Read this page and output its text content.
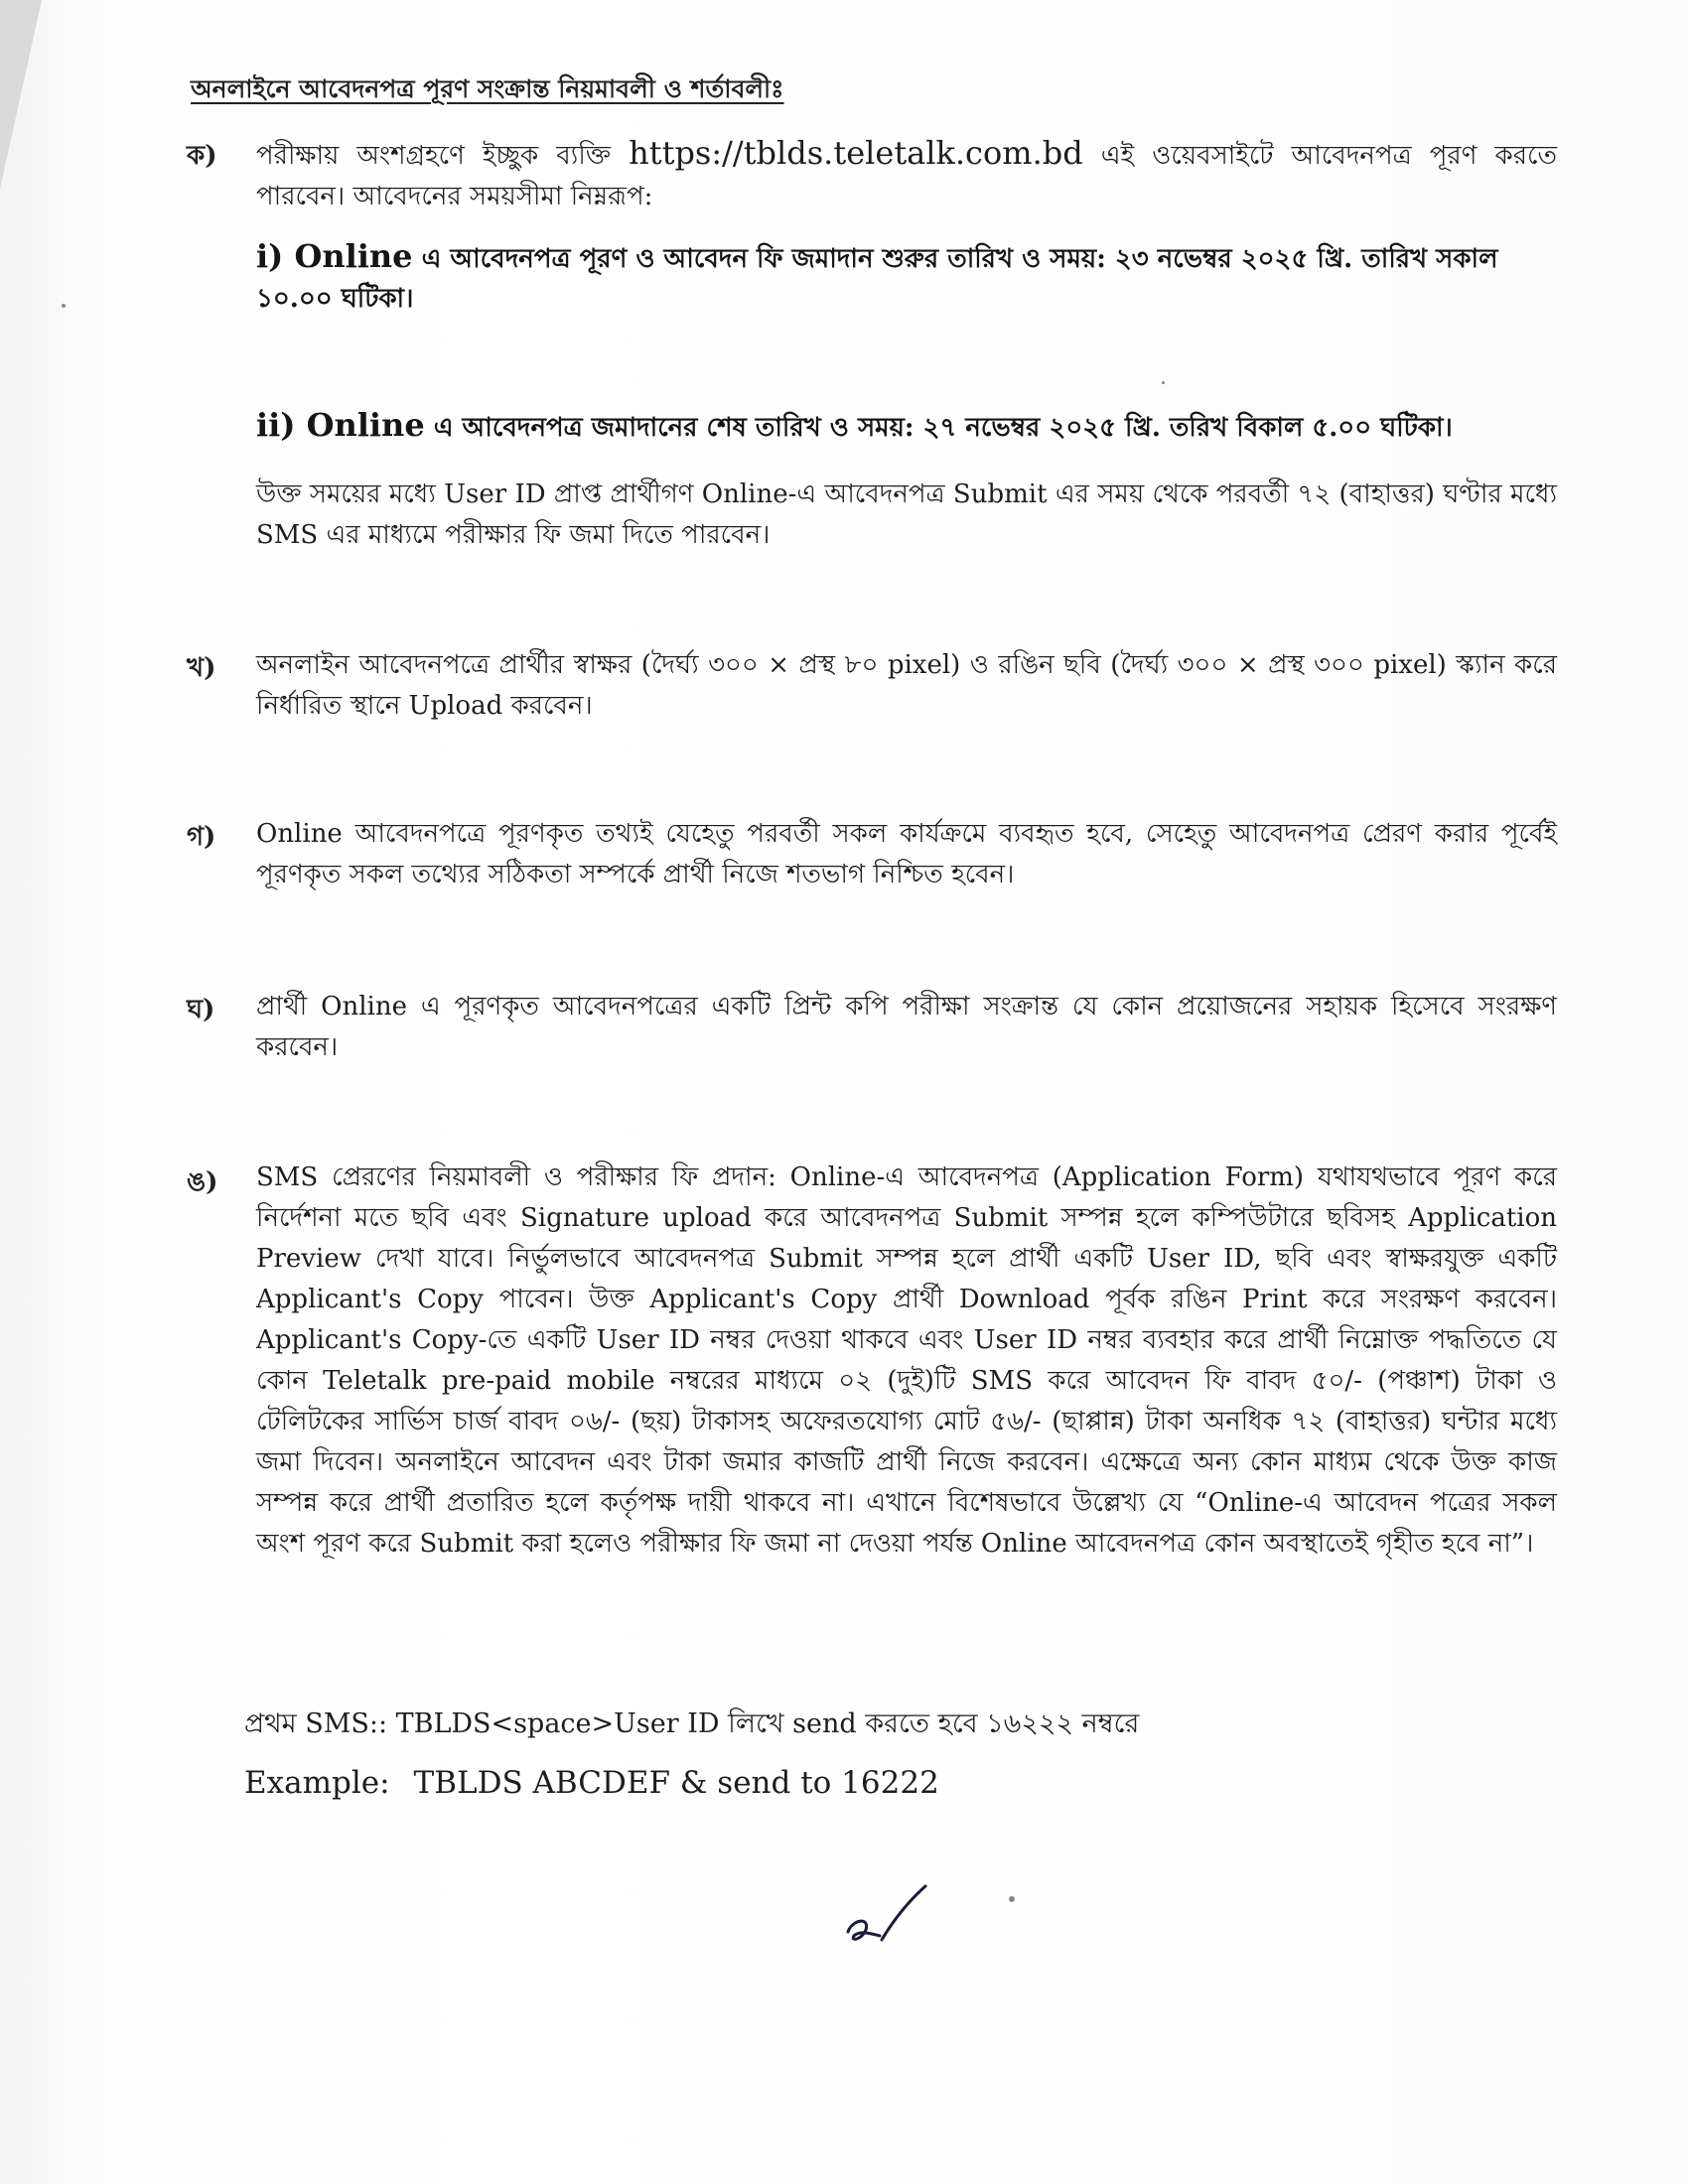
অনলাইনে আবেদনপত্র পূরণ সংক্রান্ত নিয়মাবলী ও শর্তাবলীঃ
ক) পরীক্ষায় অংশগ্রহণে ইচ্ছুক ব্যক্তি https://tblds.teletalk.com.bd এই ওয়েবসাইটে আবেদনপত্র পূরণ করতে পারবেন। আবেদনের সময়সীমা নিম্নরূপ:
i) Online এ আবেদনপত্র পূরণ ও আবেদন ফি জমাদান শুরুর তারিখ ও সময়: ২৩ নভেম্বর ২০২৫ খ্রি. তারিখ সকাল ১০.০০ ঘটিকা।
ii) Online এ আবেদনপত্র জমাদানের শেষ তারিখ ও সময়: ২৭ নভেম্বর ২০২৫ খ্রি. তরিখ বিকাল ৫.০০ ঘটিকা।
উক্ত সময়ের মধ্যে User ID প্রাপ্ত প্রার্থীগণ Online-এ আবেদনপত্র Submit এর সময় থেকে পরবর্তী ৭২ (বাহাত্তর) ঘণ্টার মধ্যে SMS এর মাধ্যমে পরীক্ষার ফি জমা দিতে পারবেন।
খ) অনলাইন আবেদনপত্রে প্রার্থীর স্বাক্ষর (দৈর্ঘ্য ৩০০ × প্রস্থ ৮০ pixel) ও রঙিন ছবি (দৈর্ঘ্য ৩০০ × প্রস্থ ৩০০ pixel) স্ক্যান করে নির্ধারিত স্থানে Upload করবেন।
গ) Online আবেদনপত্রে পূরণকৃত তথ্যই যেহেতু পরবর্তী সকল কার্যক্রমে ব্যবহৃত হবে, সেহেতু আবেদনপত্র প্রেরণ করার পূর্বেই পূরণকৃত সকল তথ্যের সঠিকতা সম্পর্কে প্রার্থী নিজে শতভাগ নিশ্চিত হবেন।
ঘ) প্রার্থী Online এ পূরণকৃত আবেদনপত্রের একটি প্রিন্ট কপি পরীক্ষা সংক্রান্ত যে কোন প্রয়োজনের সহায়ক হিসেবে সংরক্ষণ করবেন।
ঙ) SMS প্রেরণের নিয়মাবলী ও পরীক্ষার ফি প্রদান: Online-এ আবেদনপত্র (Application Form) যথাযথভাবে পূরণ করে নির্দেশনা মতে ছবি এবং Signature upload করে আবেদনপত্র Submit সম্পন্ন হলে কম্পিউটারে ছবিসহ Application Preview দেখা যাবে। নির্ভুলভাবে আবেদনপত্র Submit সম্পন্ন হলে প্রার্থী একটি User ID, ছবি এবং স্বাক্ষরযুক্ত একটি Applicant's Copy পাবেন। উক্ত Applicant's Copy প্রার্থী Download পূর্বক রঙিন Print করে সংরক্ষণ করবেন। Applicant's Copy-তে একটি User ID নম্বর দেওয়া থাকবে এবং User ID নম্বর ব্যবহার করে প্রার্থী নিম্নোক্ত পদ্ধতিতে যে কোন Teletalk pre-paid mobile নম্বরের মাধ্যমে ০২ (দুই)টি SMS করে আবেদন ফি বাবদ ৫০/- (পঞ্চাশ) টাকা ও টেলিটকের সার্ভিস চার্জ বাবদ ০৬/- (ছয়) টাকাসহ অফেরতযোগ্য মোট ৫৬/- (ছাপ্পান্ন) টাকা অনধিক ৭২ (বাহাত্তর) ঘন্টার মধ্যে জমা দিবেন। অনলাইনে আবেদন এবং টাকা জমার কাজটি প্রার্থী নিজে করবেন। এক্ষেত্রে অন্য কোন মাধ্যম থেকে উক্ত কাজ সম্পন্ন করে প্রার্থী প্রতারিত হলে কর্তৃপক্ষ দায়ী থাকবে না। এখানে বিশেষভাবে উল্লেখ্য যে “Online-এ আবেদন পত্রের সকল অংশ পূরণ করে Submit করা হলেও পরীক্ষার ফি জমা না দেওয়া পর্যন্ত Online আবেদনপত্র কোন অবস্থাতেই গৃহীত হবে না”।
প্রথম SMS:: TBLDS<space>User ID লিখে send করতে হবে ১৬২২২ নম্বরে
Example: TBLDS ABCDEF & send to 16222
